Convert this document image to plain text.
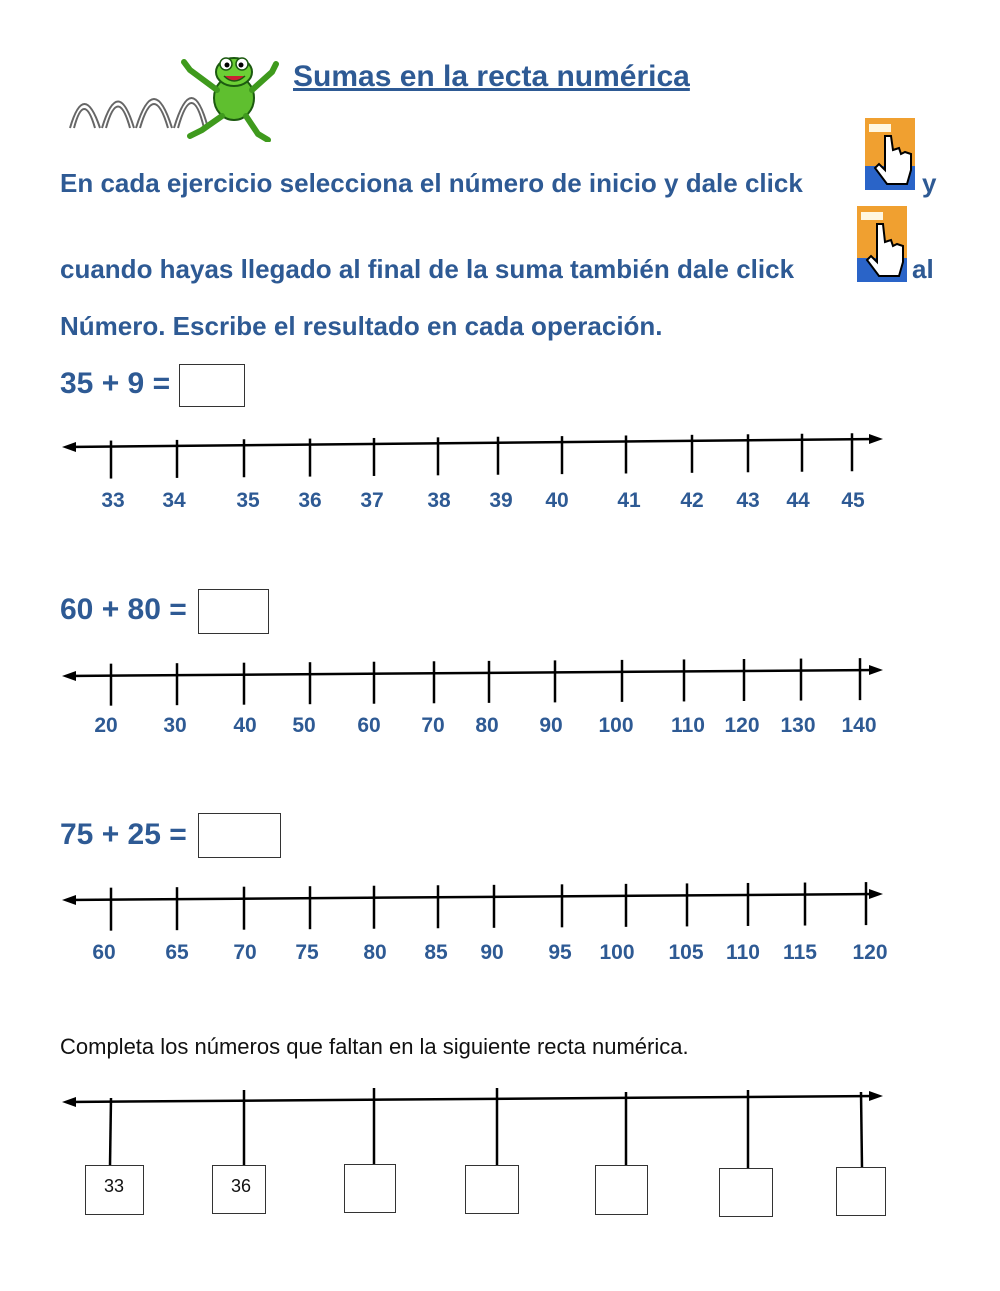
Sumas en la recta numérica
En cada ejercicio selecciona el número de inicio y dale click	y
cuando hayas llegado al final de la suma también dale click	al
Número. Escribe el resultado en cada operación.
35 + 9 =
33 34 35 36 37 38 39 40 41 42 43 44 45
60 + 80 =
20 30 40 50 60 70 80 90 100 110 120 130 140
75 + 25 =
60 65 70 75 80 85 90 95 100 105 110 115 120
Completa los números que faltan en la siguiente recta numérica.
33	36
